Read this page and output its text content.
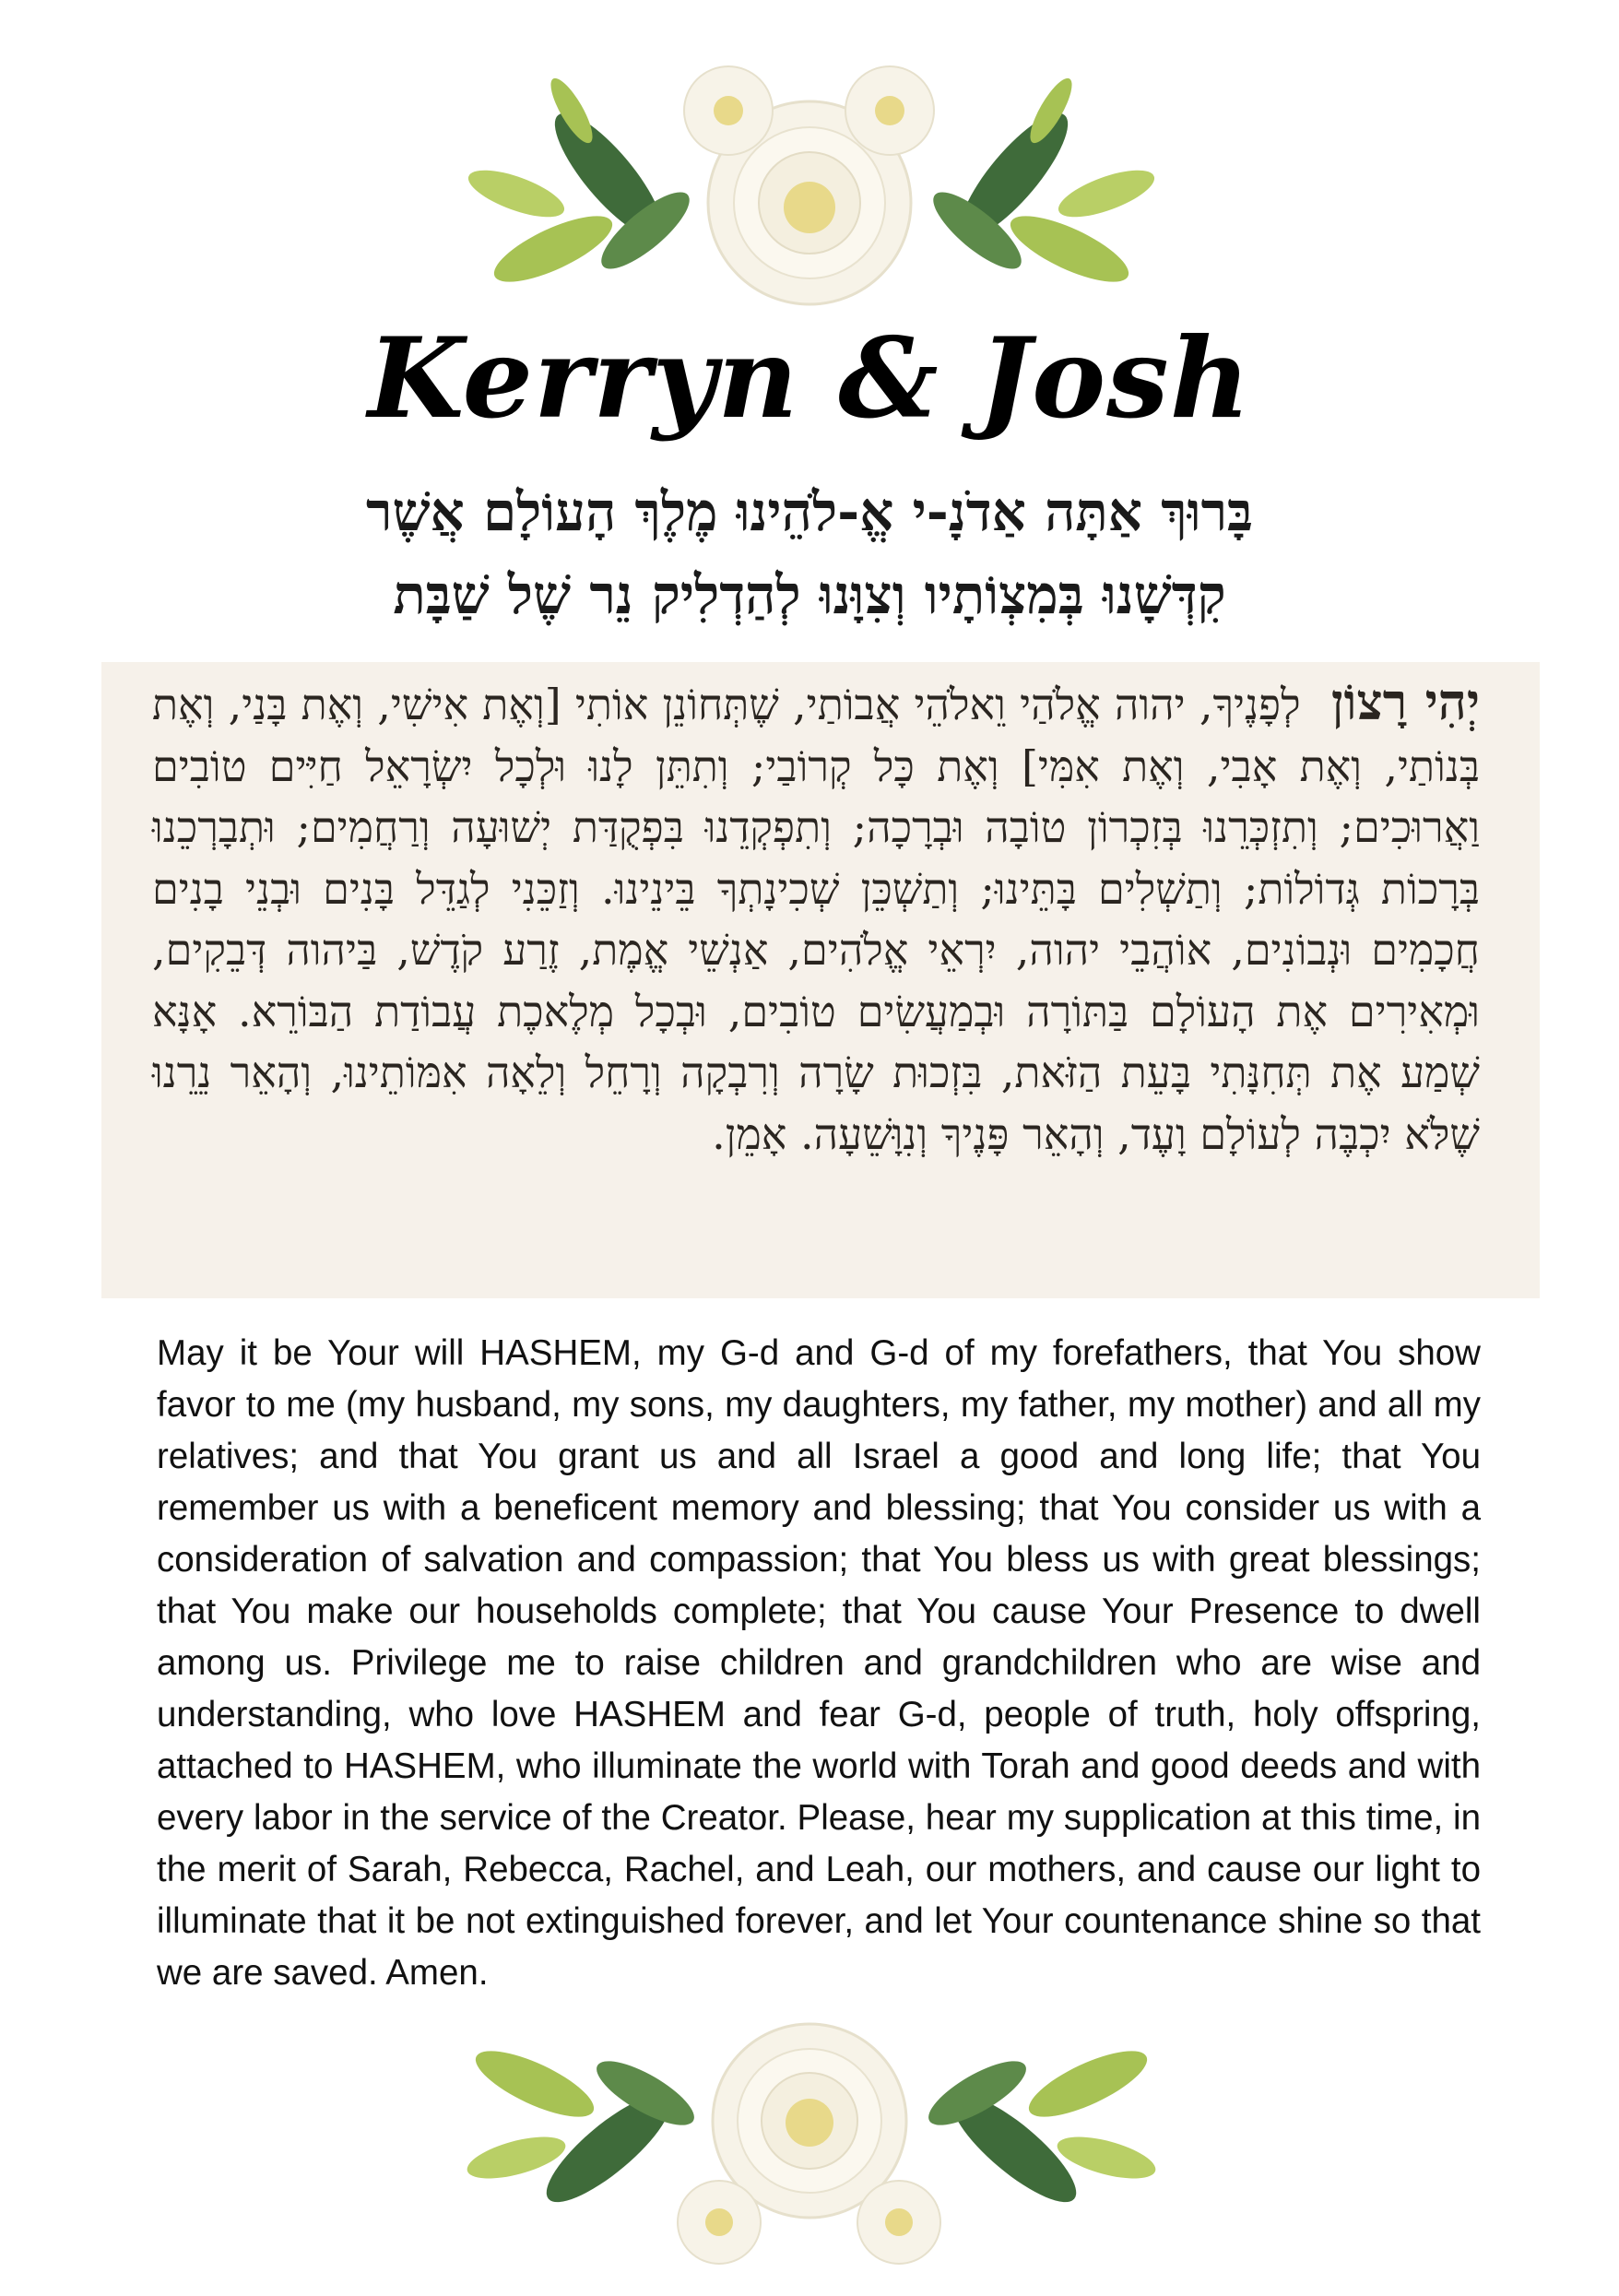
Kerryn & Josh
בָּרוּךְ אַתָּה אַדֹנָ-י אֱ-לֹהֵינוּ מֶלֶךְ הָעוֹלָם אֲשֶׁר
קִדְּשָׁנוּ בְּמִצְוֹתָיו וְצִוָּנוּ לְהַדְלִיק נֵר שֶׁל שַׁבָּת
יְהִי רָצוֹן לְפָנֶיךָ, יהוה אֱלֹהַי וֵאלֹהֵי אֲבוֹתַי, שֶׁתְּחוֹנֵן אוֹתִי [וְאֶת אִישִׁי, וְאֶת בָּנַי, וְאֶת בְּנוֹתַי, וְאֶת אָבִי, וְאֶת אִמִּי] וְאֶת כָּל קְרוֹבַי; וְתִתֵּן לָנוּ וּלְכָל יִשְׂרָאֵל חַיִּים טוֹבִים וַאֲרוּכִים; וְתִזְכְּרֵנוּ בְּזִכְרוֹן טוֹבָה וּבְרָכָה; וְתִפְקְדֵנוּ בִּפְקֻדַּת יְשׁוּעָה וְרַחֲמִים; וּתְבָרְכֵנוּ בְּרָכוֹת גְּדוֹלוֹת; וְתַשְׁלִים בָּתֵּינוּ; וְתַשְׁכֵּן שְׁכִינָתְךָ בֵּינֵינוּ. וְזַכֵּנִי לְגַדֵּל בָּנִים וּבְנֵי בָנִים חֲכָמִים וּנְבוֹנִים, אוֹהֲבֵי יהוה, יִרְאֵי אֱלֹהִים, אַנְשֵׁי אֱמֶת, זֶרַע קֹדֶשׁ, בַּיהוה דְּבֵקִים, וּמְאִירִים אֶת הָעוֹלָם בַּתּוֹרָה וּבְמַעֲשִׂים טוֹבִים, וּבְכָל מְלֶאכֶת עֲבוֹדַת הַבּוֹרֵא. אָנָּא שְׁמַע אֶת תְּחִנָּתִי בָּעֵת הַזֹּאת, בִּזְכוּת שָׂרָה וְרִבְקָה וְרָחֵל וְלֵאָה אִמּוֹתֵינוּ, וְהָאֵר נֵרֵנוּ שֶׁלֹּא יִכְבֶּה לְעוֹלָם וָעֶד, וְהָאֵר פָּנֶיךָ וְנִוָּשֵׁעָה. אָמֵן.
May it be Your will HASHEM, my G-d and G-d of my forefathers, that You show favor to me (my husband, my sons, my daughters, my father, my mother) and all my relatives; and that You grant us and all Israel a good and long life; that You remember us with a beneficent memory and blessing; that You consider us with a consideration of salvation and compassion; that You bless us with great blessings; that You make our households complete; that You cause Your Presence to dwell among us. Privilege me to raise children and grandchildren who are wise and understanding, who love HASHEM and fear G-d, people of truth, holy offspring, attached to HASHEM, who illuminate the world with Torah and good deeds and with every labor in the service of the Creator. Please, hear my supplication at this time, in the merit of Sarah, Rebecca, Rachel, and Leah, our mothers, and cause our light to illuminate that it be not extinguished forever, and let Your countenance shine so that we are saved. Amen.
